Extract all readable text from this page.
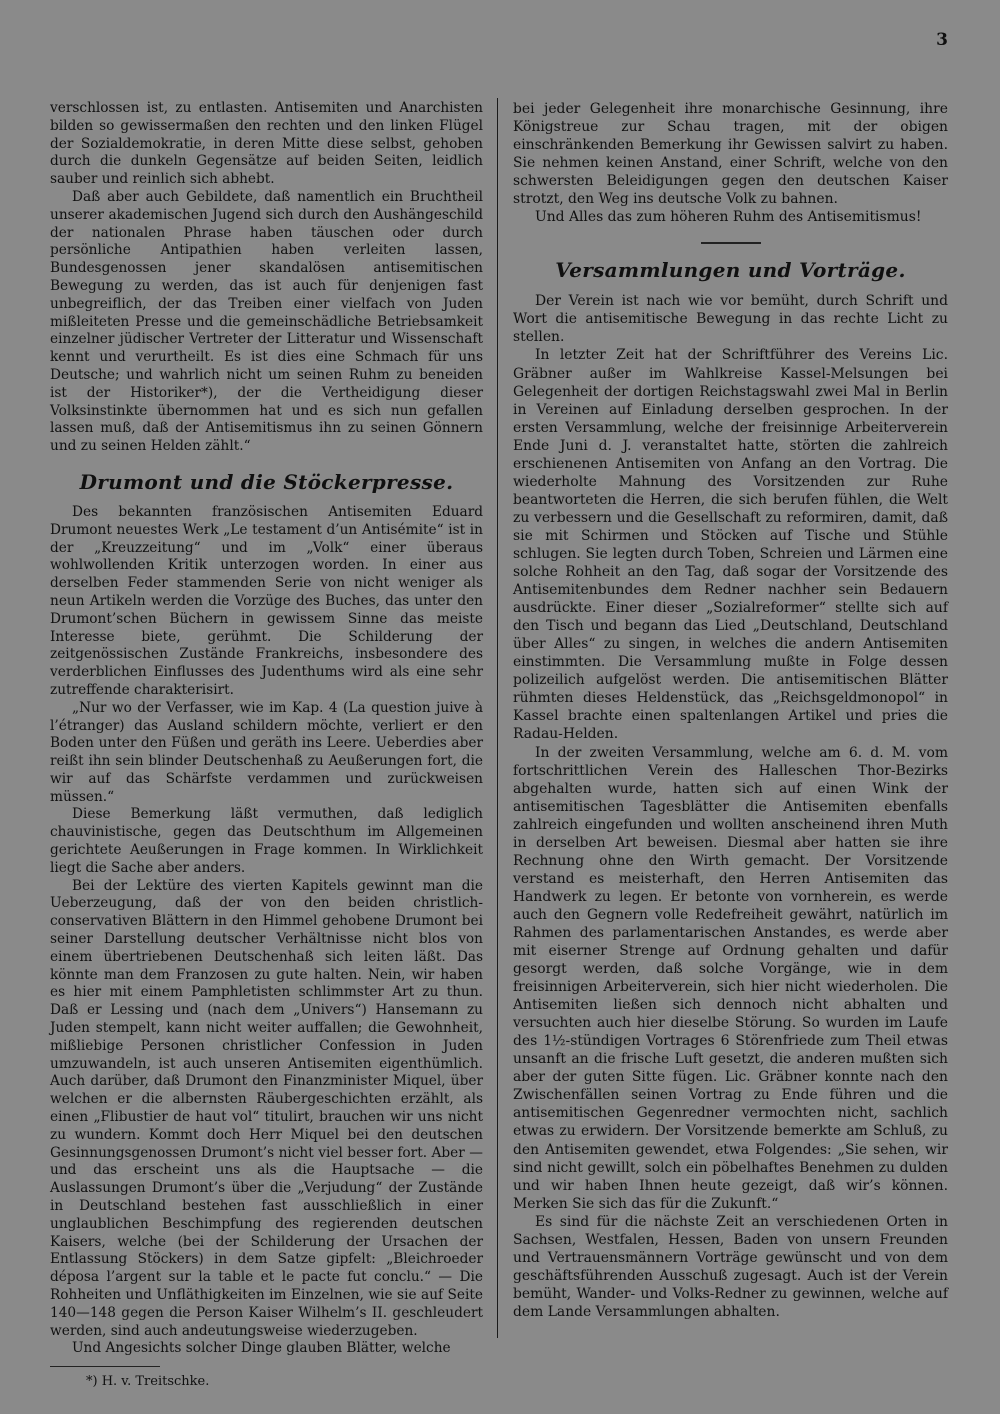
3

verschlossen ist, zu entlasten. Antisemiten und Anarchisten bilden so gewissermaßen den rechten und den linken Flügel der Sozialdemokratie, in deren Mitte diese selbst, gehoben durch die dunkeln Gegensätze auf beiden Seiten, leidlich sauber und reinlich sich abhebt.

Daß aber auch Gebildete, daß namentlich ein Bruchtheil unserer akademischen Jugend sich durch den Aushängeschild der nationalen Phrase haben täuschen oder durch persönliche Antipathien haben verleiten lassen, Bundesgenossen jener skandalösen antisemitischen Bewegung zu werden, das ist auch für denjenigen fast unbegreiflich, der das Treiben einer vielfach von Juden mißleiteten Presse und die gemeinschädliche Betriebsamkeit einzelner jüdischer Vertreter der Litteratur und Wissenschaft kennt und verurtheilt. Es ist dies eine Schmach für uns Deutsche; und wahrlich nicht um seinen Ruhm zu beneiden ist der Historiker*), der die Vertheidigung dieser Volksinstinkte übernommen hat und es sich nun gefallen lassen muß, daß der Antisemitismus ihn zu seinen Gönnern und zu seinen Helden zählt.“

Drumont und die Stöckerpresse.

Des bekannten französischen Antisemiten Eduard Drumont neuestes Werk „Le testament d’un Antisémite“ ist in der „Kreuzzeitung“ und im „Volk“ einer überaus wohlwollenden Kritik unterzogen worden. In einer aus derselben Feder stammenden Serie von nicht weniger als neun Artikeln werden die Vorzüge des Buches, das unter den Drumont’schen Büchern in gewissem Sinne das meiste Interesse biete, gerühmt. Die Schilderung der zeitgenössischen Zustände Frankreichs, insbesondere des verderblichen Einflusses des Judenthums wird als eine sehr zutreffende charakterisirt.

„Nur wo der Verfasser, wie im Kap. 4 (La question juive à l’étranger) das Ausland schildern möchte, verliert er den Boden unter den Füßen und geräth ins Leere. Ueberdies aber reißt ihn sein blinder Deutschenhaß zu Aeußerungen fort, die wir auf das Schärfste verdammen und zurückweisen müssen.“

Diese Bemerkung läßt vermuthen, daß lediglich chauvinistische, gegen das Deutschthum im Allgemeinen gerichtete Aeußerungen in Frage kommen. In Wirklichkeit liegt die Sache aber anders.

Bei der Lektüre des vierten Kapitels gewinnt man die Ueberzeugung, daß der von den beiden christlich-conservativen Blättern in den Himmel gehobene Drumont bei seiner Darstellung deutscher Verhältnisse nicht blos von einem übertriebenen Deutschenhaß sich leiten läßt. Das könnte man dem Franzosen zu gute halten. Nein, wir haben es hier mit einem Pamphletisten schlimmster Art zu thun. Daß er Lessing und (nach dem „Univers“) Hansemann zu Juden stempelt, kann nicht weiter auffallen; die Gewohnheit, mißliebige Personen christlicher Confession in Juden umzuwandeln, ist auch unseren Antisemiten eigenthümlich. Auch darüber, daß Drumont den Finanzminister Miquel, über welchen er die albernsten Räubergeschichten erzählt, als einen „Flibustier de haut vol“ titulirt, brauchen wir uns nicht zu wundern. Kommt doch Herr Miquel bei den deutschen Gesinnungsgenossen Drumont’s nicht viel besser fort. Aber — und das erscheint uns als die Hauptsache — die Auslassungen Drumont’s über die „Verjudung“ der Zustände in Deutschland bestehen fast ausschließlich in einer unglaublichen Beschimpfung des regierenden deutschen Kaisers, welche (bei der Schilderung der Ursachen der Entlassung Stöckers) in dem Satze gipfelt: „Bleichroeder déposa l’argent sur la table et le pacte fut conclu.“ — Die Rohheiten und Unfläthigkeiten im Einzelnen, wie sie auf Seite 140—148 gegen die Person Kaiser Wilhelm’s II. geschleudert werden, sind auch andeutungsweise wiederzugeben.

Und Angesichts solcher Dinge glauben Blätter, welche

*) H. v. Treitschke.

bei jeder Gelegenheit ihre monarchische Gesinnung, ihre Königstreue zur Schau tragen, mit der obigen einschränkenden Bemerkung ihr Gewissen salvirt zu haben. Sie nehmen keinen Anstand, einer Schrift, welche von den schwersten Beleidigungen gegen den deutschen Kaiser strotzt, den Weg ins deutsche Volk zu bahnen.

Und Alles das zum höheren Ruhm des Antisemitismus!

Versammlungen und Vorträge.

Der Verein ist nach wie vor bemüht, durch Schrift und Wort die antisemitische Bewegung in das rechte Licht zu stellen.

In letzter Zeit hat der Schriftführer des Vereins Lic. Gräbner außer im Wahlkreise Kassel-Melsungen bei Gelegenheit der dortigen Reichstagswahl zwei Mal in Berlin in Vereinen auf Einladung derselben gesprochen. In der ersten Versammlung, welche der freisinnige Arbeiterverein Ende Juni d. J. veranstaltet hatte, störten die zahlreich erschienenen Antisemiten von Anfang an den Vortrag. Die wiederholte Mahnung des Vorsitzenden zur Ruhe beantworteten die Herren, die sich berufen fühlen, die Welt zu verbessern und die Gesellschaft zu reformiren, damit, daß sie mit Schirmen und Stöcken auf Tische und Stühle schlugen. Sie legten durch Toben, Schreien und Lärmen eine solche Rohheit an den Tag, daß sogar der Vorsitzende des Antisemitenbundes dem Redner nachher sein Bedauern ausdrückte. Einer dieser „Sozialreformer“ stellte sich auf den Tisch und begann das Lied „Deutschland, Deutschland über Alles“ zu singen, in welches die andern Antisemiten einstimmten. Die Versammlung mußte in Folge dessen polizeilich aufgelöst werden. Die antisemitischen Blätter rühmten dieses Heldenstück, das „Reichsgeldmonopol“ in Kassel brachte einen spaltenlangen Artikel und pries die Radau-Helden.

In der zweiten Versammlung, welche am 6. d. M. vom fortschrittlichen Verein des Halleschen Thor-Bezirks abgehalten wurde, hatten sich auf einen Wink der antisemitischen Tagesblätter die Antisemiten ebenfalls zahlreich eingefunden und wollten anscheinend ihren Muth in derselben Art beweisen. Diesmal aber hatten sie ihre Rechnung ohne den Wirth gemacht. Der Vorsitzende verstand es meisterhaft, den Herren Antisemiten das Handwerk zu legen. Er betonte von vornherein, es werde auch den Gegnern volle Redefreiheit gewährt, natürlich im Rahmen des parlamentarischen Anstandes, es werde aber mit eiserner Strenge auf Ordnung gehalten und dafür gesorgt werden, daß solche Vorgänge, wie in dem freisinnigen Arbeiterverein, sich hier nicht wiederholen. Die Antisemiten ließen sich dennoch nicht abhalten und versuchten auch hier dieselbe Störung. So wurden im Laufe des 1½-stündigen Vortrages 6 Störenfriede zum Theil etwas unsanft an die frische Luft gesetzt, die anderen mußten sich aber der guten Sitte fügen. Lic. Gräbner konnte nach den Zwischenfällen seinen Vortrag zu Ende führen und die antisemitischen Gegenredner vermochten nicht, sachlich etwas zu erwidern. Der Vorsitzende bemerkte am Schluß, zu den Antisemiten gewendet, etwa Folgendes: „Sie sehen, wir sind nicht gewillt, solch ein pöbelhaftes Benehmen zu dulden und wir haben Ihnen heute gezeigt, daß wir’s können. Merken Sie sich das für die Zukunft.“

Es sind für die nächste Zeit an verschiedenen Orten in Sachsen, Westfalen, Hessen, Baden von unsern Freunden und Vertrauensmännern Vorträge gewünscht und von dem geschäftsführenden Ausschuß zugesagt. Auch ist der Verein bemüht, Wander- und Volks-Redner zu gewinnen, welche auf dem Lande Versammlungen abhalten.
